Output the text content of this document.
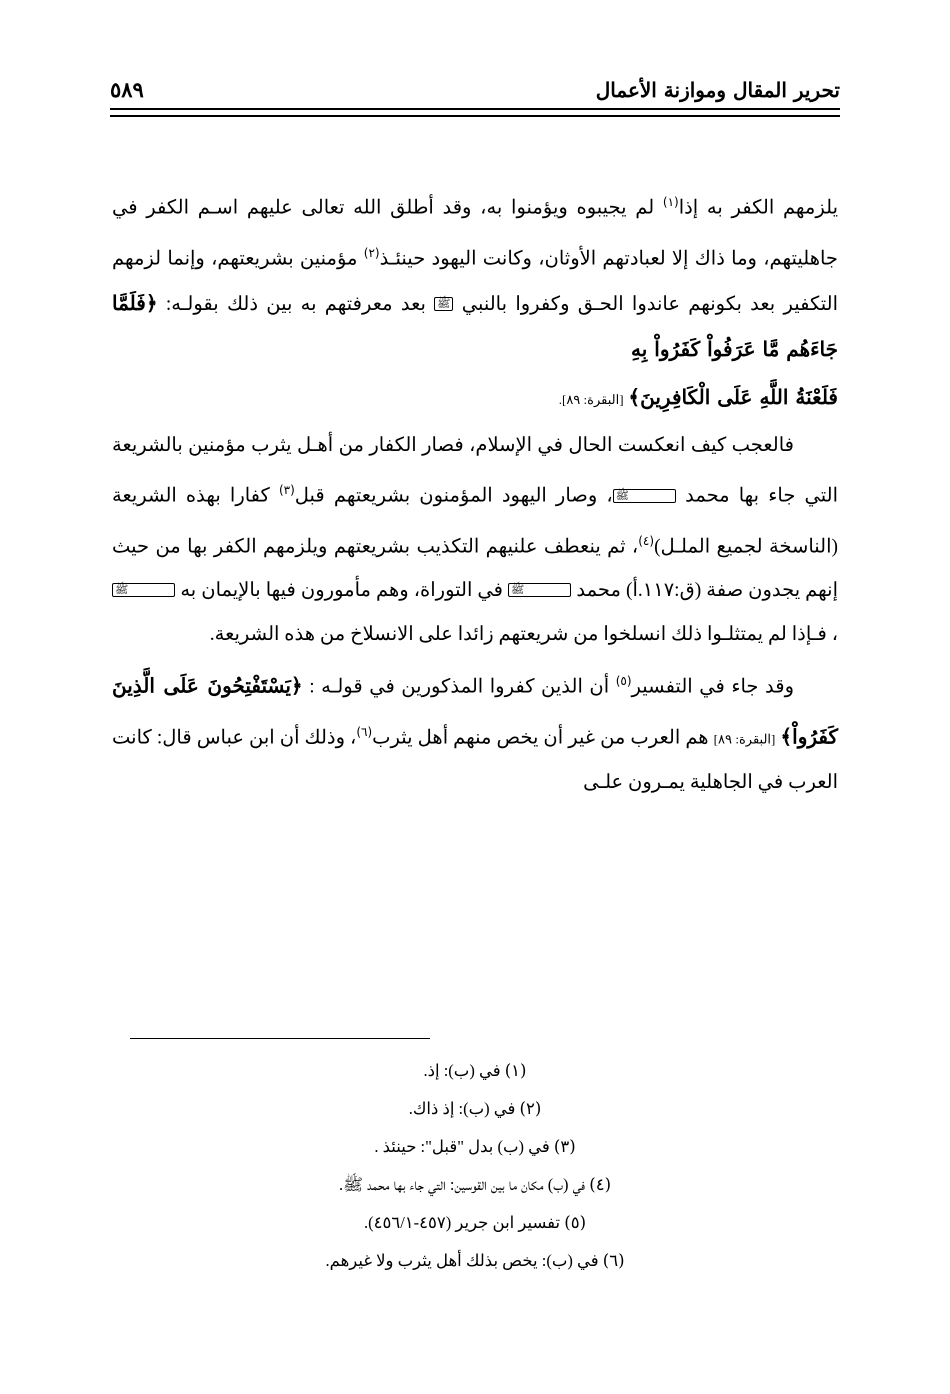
تحرير المقال وموازنة الأعمال
٥٨٩

يلزمهم الكفر به إذا$^{(١)}$ لم يجيبوه ويؤمنوا به، وقد أطلق الله تعالى عليهم اسـم الكفر في جاهليتهم، وما ذاك إلا لعبادتهم الأوثان، وكانت اليهود حينئـذ$^{(٢)}$ مؤمنين بشريعتهم، وإنما لزمهم التكفير بعد بكونهم عاندوا الحـق وكفروا بالنبي ﷺ بعد معرفتهم به بين ذلك بقولـه: ﴿فَلَمَّا جَاءَهُم مَّا عَرَفُواْ كَفَرُواْ بِهِ

فَلَعْنَةُ اللَّهِ عَلَى الْكَافِرِينَ﴾ [البقرة: ٨٩].

فالعجب كيف انعكست الحال في الإسلام، فصار الكفار من أهـل يثرب مؤمنين بالشريعة التي جاء بها محمد ﷺ، وصار اليهود المؤمنون بشريعتهم قبل$^{(٣)}$ كفارا بهذه الشريعة (الناسخة لجميع الملـل)$^{(٤)}$، ثم ينعطف علنيهم التكذيب بشريعتهم ويلزمهم الكفر بها من حيث إنهم يجدون صفة (ق:١١٧.أ) محمد ﷺ في التوراة، وهم مأمورون فيها بالإيمان به ﷺ، فـإذا لم يمتثلـوا ذلك انسلخوا من شريعتهم زائدا على الانسلاخ من هذه الشريعة.

وقد جاء في التفسير$^{(٥)}$ أن الذين كفروا المذكورين في قولـه : ﴿يَسْتَفْتِحُونَ عَلَى الَّذِينَ كَفَرُواْ﴾ [البقرة: ٨٩] هم العرب من غير أن يخص منهم أهل يثرب$^{(٦)}$، وذلك أن ابن عباس قال: كانت العرب في الجاهلية يمـرون علـى

(١) في (ب): إذ.
(٢) في (ب): إذ ذاك.
(٣) في (ب) بدل "قبل": حينئذ .
(٤) في (ب) مكان ما بين القوسين: التي جاء بها محمد ﷺ.
(٥) تفسير ابن جرير (٤٥٧-٤٥٦/١).
(٦) في (ب): يخص بذلك أهل يثرب ولا غيرهم.
